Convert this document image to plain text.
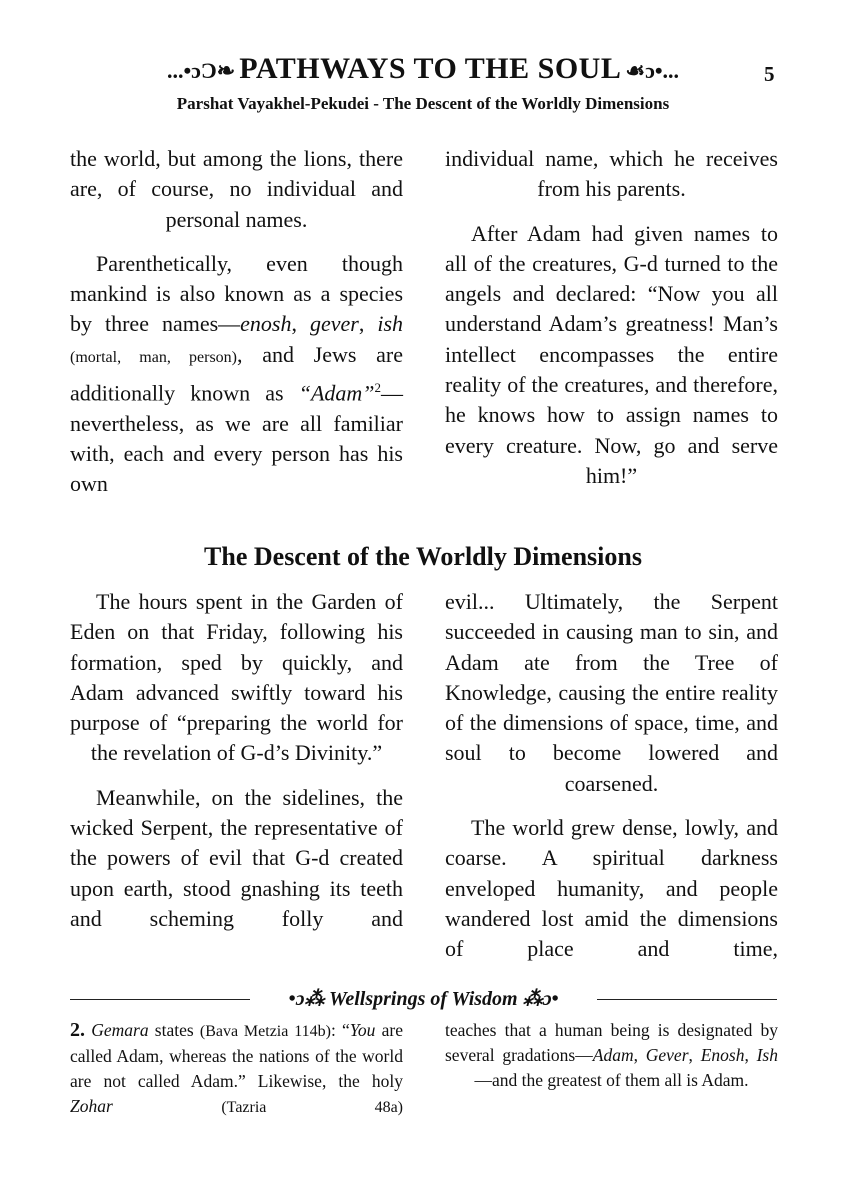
...•ɔƆ❧ PATHWAYS TO THE SOUL ☙ɔ•...	5
Parshat Vayakhel-Pekudei - The Descent of the Worldly Dimensions

the world, but among the lions, there are, of course, no individual and personal names.

Parenthetically, even though mankind is also known as a species by three names—enosh, gever, ish (mortal, man, person), and Jews are additionally known as “Adam”$^2$—nevertheless, as we are all familiar with, each and every person has his own

individual name, which he receives from his parents.

After Adam had given names to all of the creatures, G-d turned to the angels and declared: “Now you all understand Adam’s greatness! Man’s intellect encompasses the entire reality of the creatures, and therefore, he knows how to assign names to every creature. Now, go and serve him!”

The Descent of the Worldly Dimensions

The hours spent in the Garden of Eden on that Friday, following his formation, sped by quickly, and Adam advanced swiftly toward his purpose of “preparing the world for the revelation of G-d’s Divinity.”

Meanwhile, on the sidelines, the wicked Serpent, the representative of the powers of evil that G-d created upon earth, stood gnashing its teeth and scheming folly and

evil... Ultimately, the Serpent succeeded in causing man to sin, and Adam ate from the Tree of Knowledge, causing the entire reality of the dimensions of space, time, and soul to become lowered and coarsened.

The world grew dense, lowly, and coarse. A spiritual darkness enveloped humanity, and people wandered lost amid the dimensions of place and time,

•ɔ⁂ Wellsprings of Wisdom ⁂ɔ•
2. Gemara states (Bava Metzia 114b): “You are called Adam, whereas the nations of the world are not called Adam.” Likewise, the holy Zohar	(Tazria 48a)
teaches that a human being is designated by several gradations—Adam, Gever, Enosh, Ish—and the greatest of them all is Adam.
